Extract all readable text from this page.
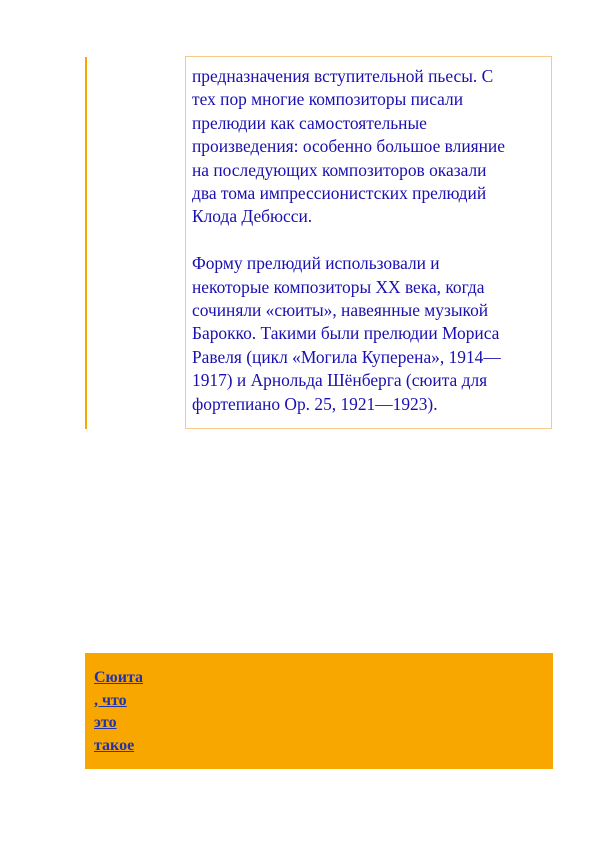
предназначения вступительной пьесы. С
тех пор многие композиторы писали
прелюдии как самостоятельные
произведения: особенно большое влияние
на последующих композиторов оказали
два тома импрессионистских прелюдий
Клода Дебюсси.

Форму прелюдий использовали и
некоторые композиторы XX века, когда
сочиняли «сюиты», навеянные музыкой
Барокко. Такими были прелюдии Мориса
Равеля (цикл «Могила Куперена», 1914—
1917) и Арнольда Шёнберга (сюита для
фортепиано Ор. 25, 1921—1923).

Сюита
, что
это
такое
